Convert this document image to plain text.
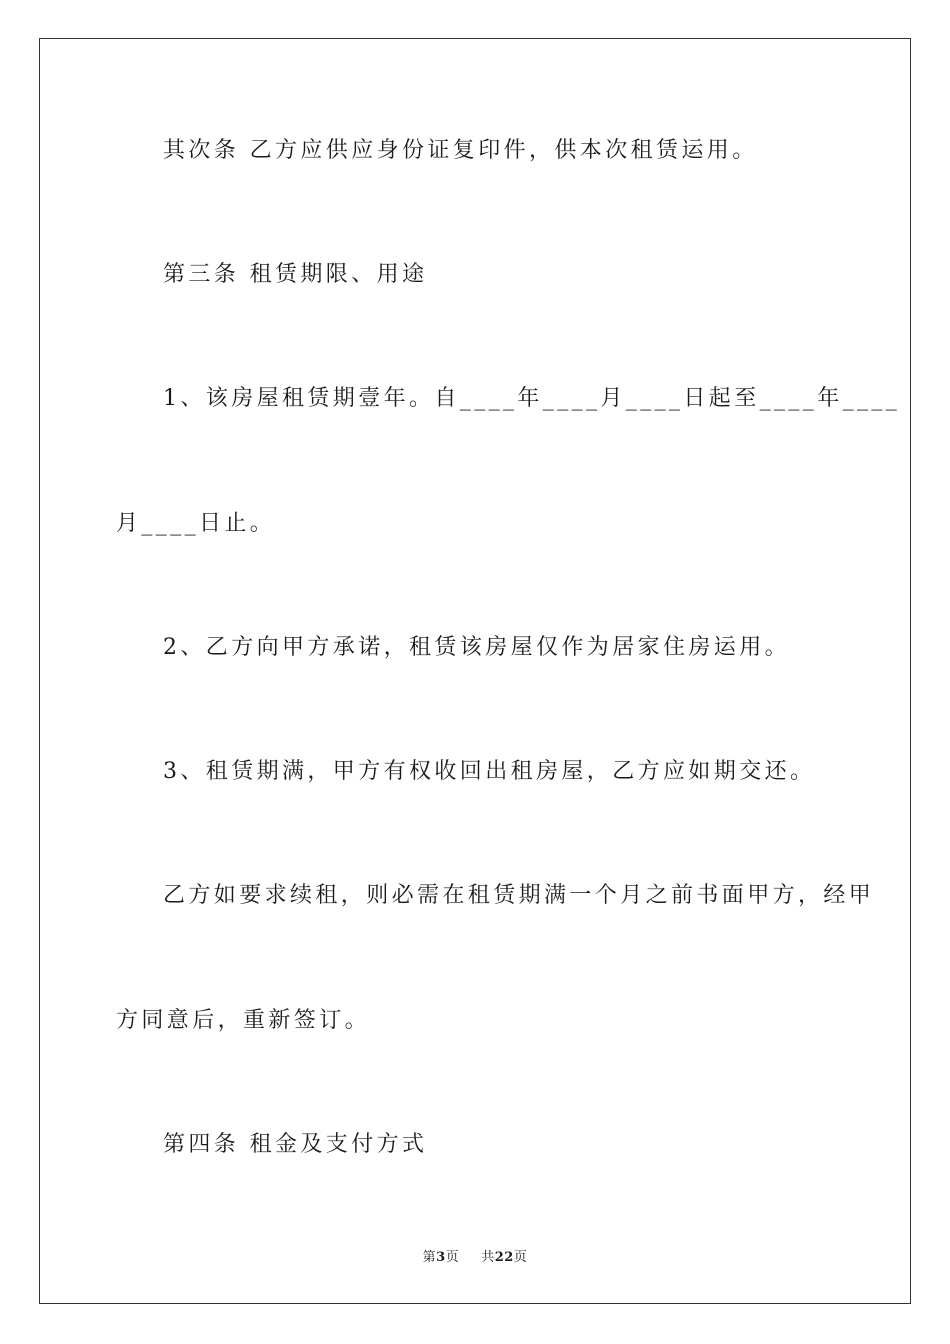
其次条 乙方应供应身份证复印件，供本次租赁运用。
第三条 租赁期限、用途
1、该房屋租赁期壹年。自____年____月____日起至____年____
月____日止。
2、乙方向甲方承诺，租赁该房屋仅作为居家住房运用。
3、租赁期满，甲方有权收回出租房屋，乙方应如期交还。
乙方如要求续租，则必需在租赁期满一个月之前书面甲方，经甲
方同意后，重新签订。
第四条 租金及支付方式
第3页 共22页
